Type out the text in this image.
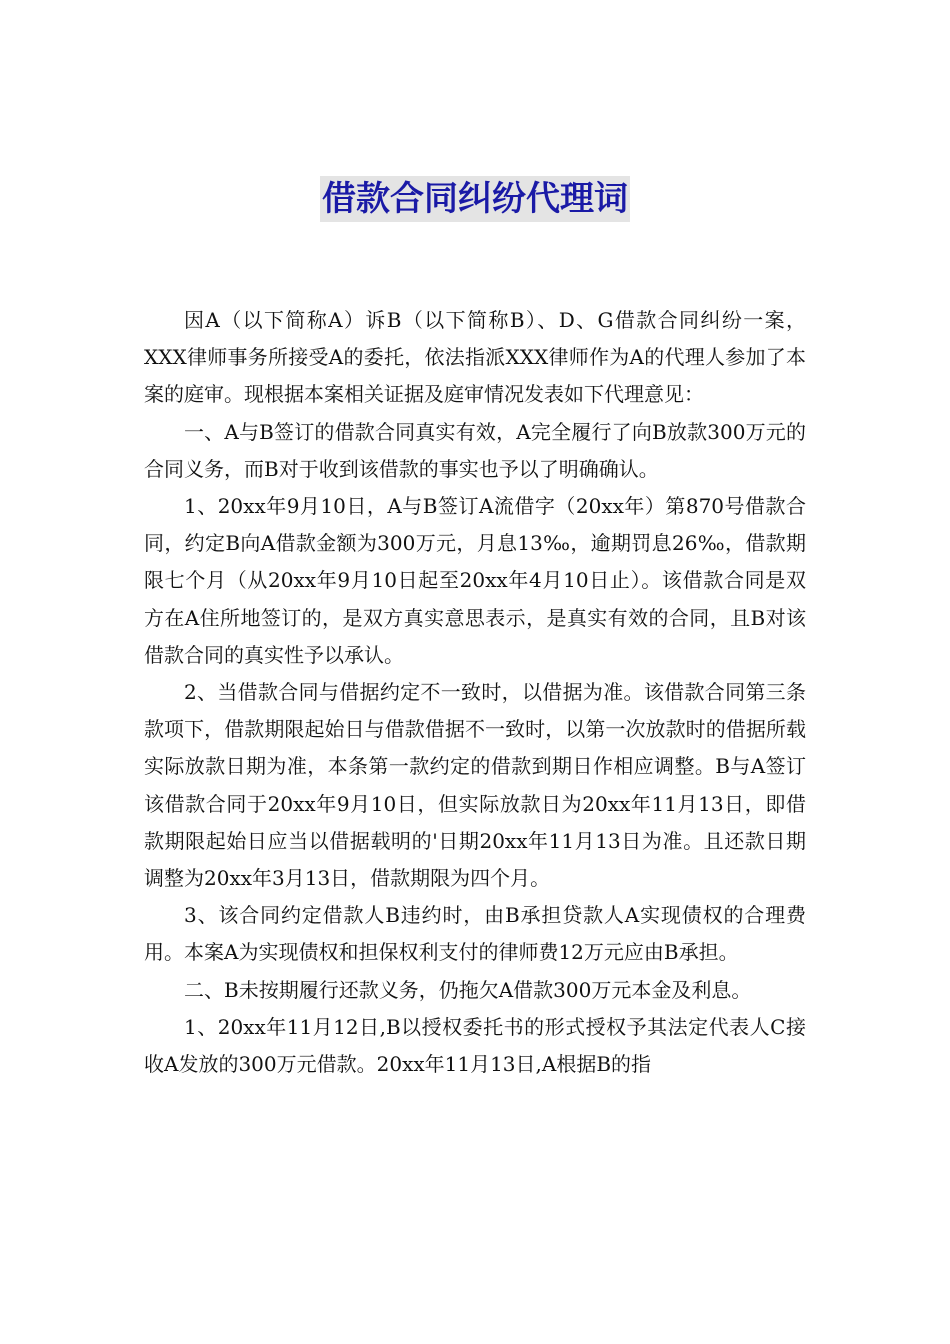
借款合同纠纷代理词

因A（以下简称A）诉B（以下简称B）、D、G借款合同纠纷一案，XXX律师事务所接受A的委托，依法指派XXX律师作为A的代理人参加了本案的庭审。现根据本案相关证据及庭审情况发表如下代理意见：

一、A与B签订的借款合同真实有效，A完全履行了向B放款300万元的合同义务，而B对于收到该借款的事实也予以了明确确认。

1、20xx年9月10日，A与B签订A流借字（20xx年）第870号借款合同，约定B向A借款金额为300万元，月息13‰，逾期罚息26‰，借款期限七个月（从20xx年9月10日起至20xx年4月10日止）。该借款合同是双方在A住所地签订的，是双方真实意思表示，是真实有效的合同，且B对该借款合同的真实性予以承认。

2、当借款合同与借据约定不一致时，以借据为准。该借款合同第三条款项下，借款期限起始日与借款借据不一致时，以第一次放款时的借据所载实际放款日期为准，本条第一款约定的借款到期日作相应调整。B与A签订该借款合同于20xx年9月10日，但实际放款日为20xx年11月13日，即借款期限起始日应当以借据载明的'日期20xx年11月13日为准。且还款日期调整为20xx年3月13日，借款期限为四个月。

3、该合同约定借款人B违约时，由B承担贷款人A实现债权的合理费用。本案A为实现债权和担保权利支付的律师费12万元应由B承担。

二、B未按期履行还款义务，仍拖欠A借款300万元本金及利息。

1、20xx年11月12日,B以授权委托书的形式授权予其法定代表人C接收A发放的300万元借款。20xx年11月13日,A根据B的指
